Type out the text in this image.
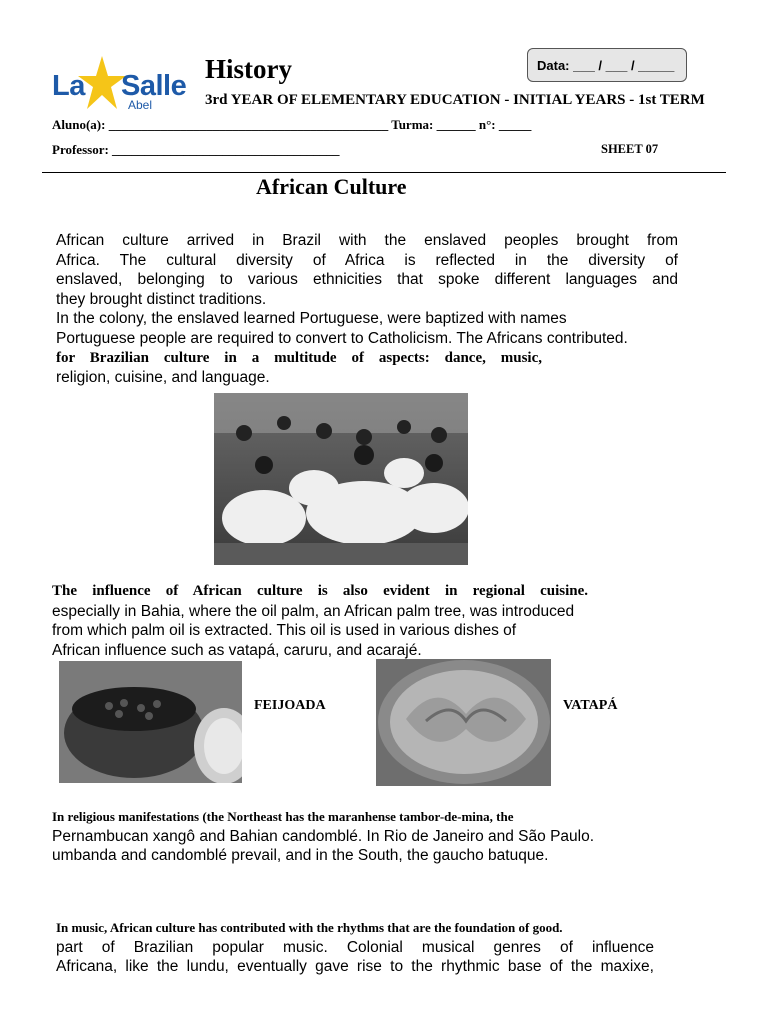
La Salle
Abel
History
3rd YEAR OF ELEMENTARY EDUCATION - INITIAL YEARS - 1st TERM
Data: ___ / ___ / _____
Aluno(a): ___________________________________________ Turma: ______ n°: _____
Professor: ___________________________________	SHEET 07
African Culture
African culture arrived in Brazil with the enslaved peoples brought from
Africa. The cultural diversity of Africa is reflected in the diversity of
enslaved, belonging to various ethnicities that spoke different languages and
they brought distinct traditions.
In the colony, the enslaved learned Portuguese, were baptized with names
Portuguese people are required to convert to Catholicism. The Africans contributed.
for Brazilian culture in a multitude of aspects: dance, music,
religion, cuisine, and language.
The influence of African culture is also evident in regional cuisine.
especially in Bahia, where the oil palm, an African palm tree, was introduced
from which palm oil is extracted. This oil is used in various dishes of
African influence such as vatapá, caruru, and acarajé.
FEIJOADA	VATAPÁ
In religious manifestations (the Northeast has the maranhense tambor-de-mina, the
Pernambucan xangô and Bahian candomblé. In Rio de Janeiro and São Paulo.
umbanda and candomblé prevail, and in the South, the gaucho batuque.
In music, African culture has contributed with the rhythms that are the foundation of good.
part of Brazilian popular music. Colonial musical genres of influence
Africana, like the lundu, eventually gave rise to the rhythmic base of the maxixe,
